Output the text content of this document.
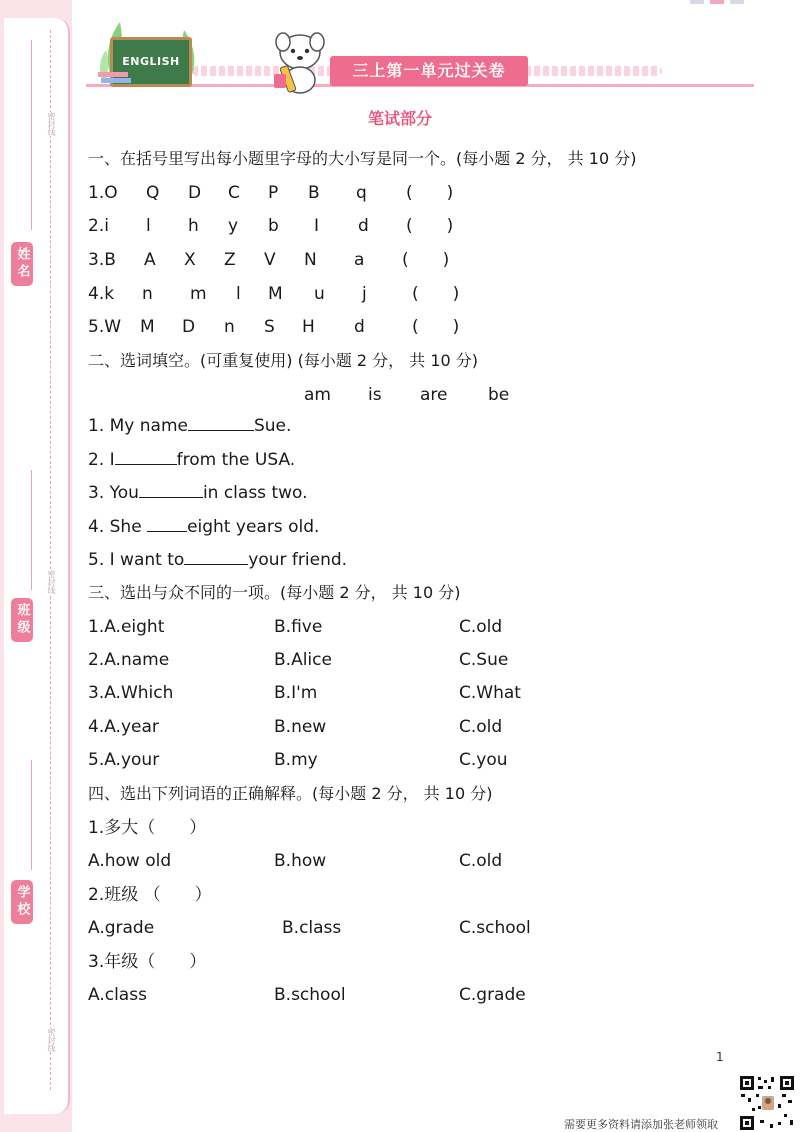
密封线
密封线
密封线
姓名
班级
学校
ENGLISH	三上第一单元过关卷
笔试部分
一、在括号里写出每小题里字母的大小写是同一个。(每小题 2 分， 共 10 分)
1.O Q D C P B q (　　)
2.i l h y b I d (　　)
3.B A X Z V N a (　　)
4.k n m l M u j	(　　)
5.W M D n S H d	(　　)
二、选词填空。(可重复使用) (每小题 2 分， 共 10 分)
am is are be
1. My name	Sue.
2. I	from the USA.
3. You	in class two.
4. She eight years old.
5. I want to	your friend.
三、选出与众不同的一项。(每小题 2 分， 共 10 分)
1.A.eight	B.five	C.old
2.A.name	B.Alice	C.Sue
3.A.Which	B.I'm	C.What
4.A.year	B.new	C.old
5.A.your	B.my	C.you
四、选出下列词语的正确解释。(每小题 2 分， 共 10 分)
1.多大（　　）
A.how old	B.how	C.old
2.班级 （　　）
A.grade	B.class	C.school
3.年级（　　）
A.class	B.school	C.grade
1
需要更多资料请添加张老师领取
